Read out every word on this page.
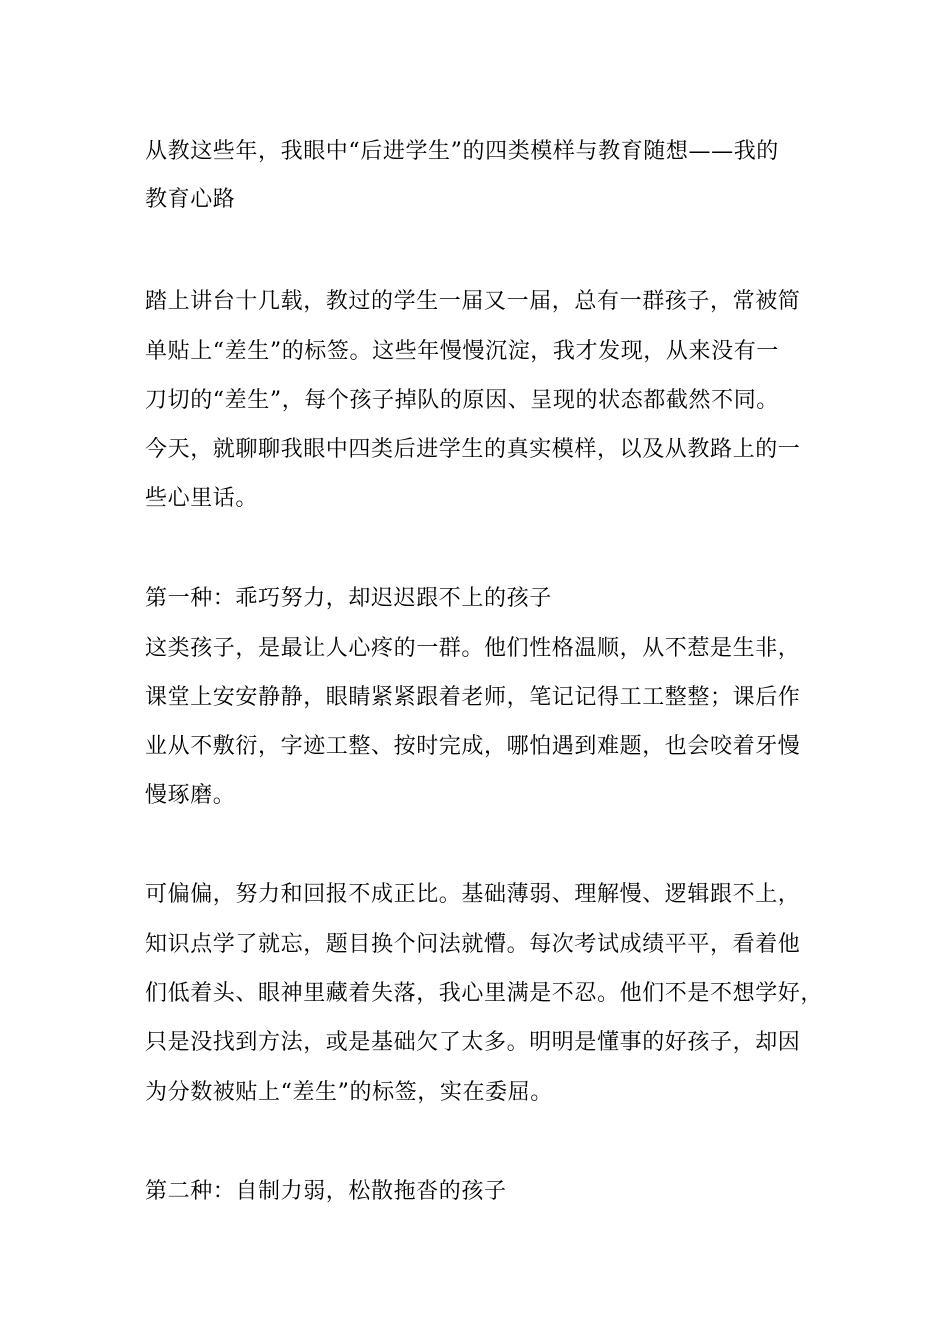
从教这些年，我眼中“后进学生”的四类模样与教育随想——我的
教育心路
踏上讲台十几载，教过的学生一届又一届，总有一群孩子，常被简
单贴上“差生”的标签。这些年慢慢沉淀，我才发现，从来没有一
刀切的“差生”，每个孩子掉队的原因、呈现的状态都截然不同。
今天，就聊聊我眼中四类后进学生的真实模样，以及从教路上的一
些心里话。
第一种：乖巧努力，却迟迟跟不上的孩子
这类孩子，是最让人心疼的一群。他们性格温顺，从不惹是生非，
课堂上安安静静，眼睛紧紧跟着老师，笔记记得工工整整；课后作
业从不敷衍，字迹工整、按时完成，哪怕遇到难题，也会咬着牙慢
慢琢磨。
可偏偏，努力和回报不成正比。基础薄弱、理解慢、逻辑跟不上，
知识点学了就忘，题目换个问法就懵。每次考试成绩平平，看着他
们低着头、眼神里藏着失落，我心里满是不忍。他们不是不想学好，
只是没找到方法，或是基础欠了太多。明明是懂事的好孩子，却因
为分数被贴上“差生”的标签，实在委屈。
第二种：自制力弱，松散拖沓的孩子
